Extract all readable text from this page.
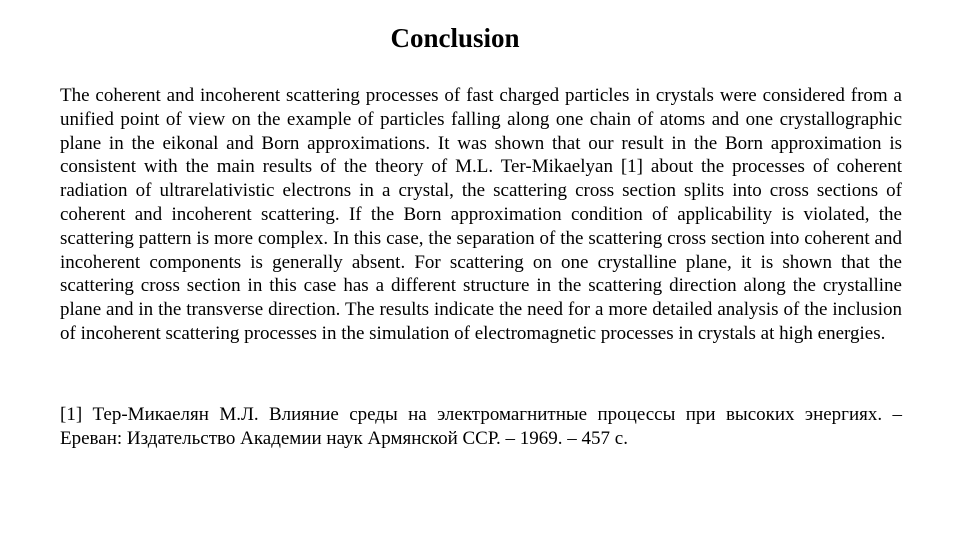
Conclusion

The coherent and incoherent scattering processes of fast charged particles in crystals were considered from a unified point of view on the example of particles falling along one chain of atoms and one crystallographic plane in the eikonal and Born approximations. It was shown that our result in the Born approximation is consistent with the main results of the theory of M.L. Ter-Mikaelyan [1] about the processes of coherent radiation of ultrarelativistic electrons in a crystal, the scattering cross section splits into cross sections of coherent and incoherent scattering. If the Born approximation condition of applicability is violated, the scattering pattern is more complex. In this case, the separation of the scattering cross section into coherent and incoherent components is generally absent. For scattering on one crystalline plane, it is shown that the scattering cross section in this case has a different structure in the scattering direction along the crystalline plane and in the transverse direction. The results indicate the need for a more detailed analysis of the inclusion of incoherent scattering processes in the simulation of electromagnetic processes in crystals at high energies.

[1] Тер-Микаелян М.Л. Влияние среды на электромагнитные процессы при высоких энергиях. – Ереван: Издательство Академии наук Армянской ССР. – 1969. – 457 с.
